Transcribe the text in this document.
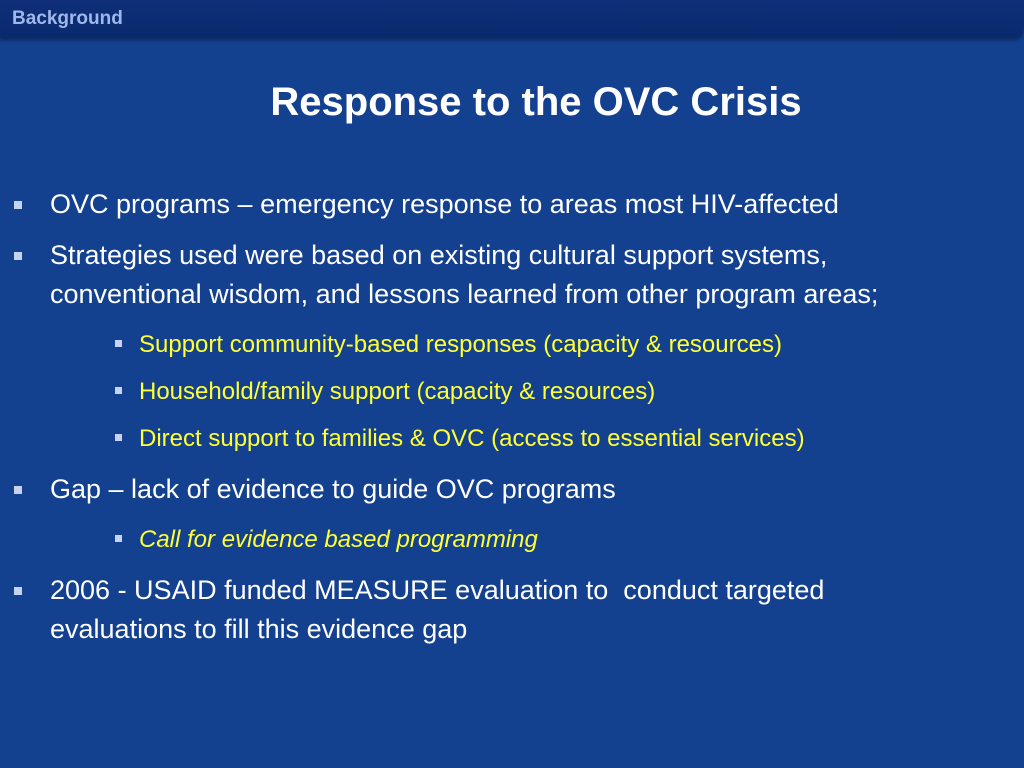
Background
Response to the OVC Crisis
OVC programs – emergency response to areas most HIV-affected
Strategies used were based on existing cultural support systems,
conventional wisdom, and lessons learned from other program areas;
Support community-based responses (capacity & resources)
Household/family support (capacity & resources)
Direct support to families & OVC (access to essential services)
Gap – lack of evidence to guide OVC programs
Call for evidence based programming
2006 - USAID funded MEASURE evaluation to  conduct targeted
evaluations to fill this evidence gap
